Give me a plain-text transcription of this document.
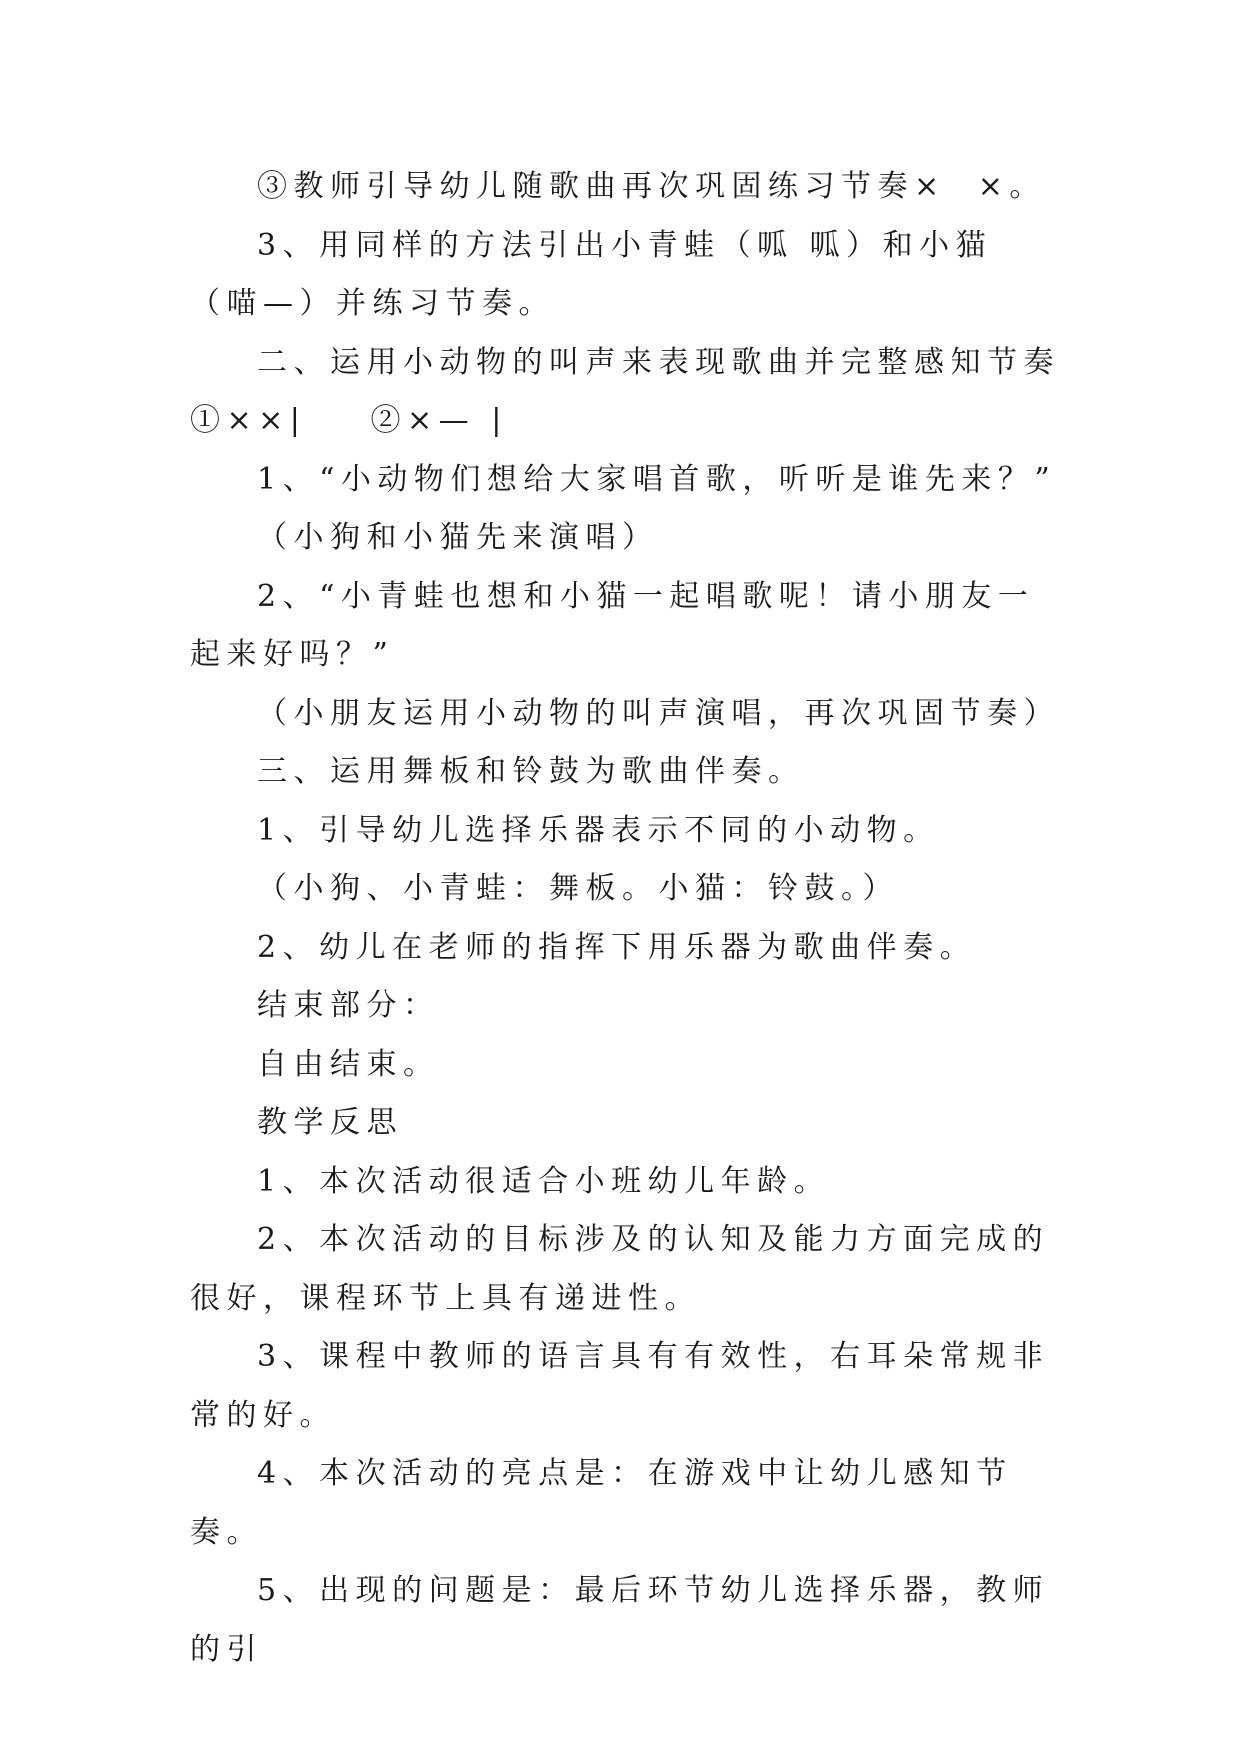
③教师引导幼儿随歌曲再次巩固练习节奏×  ×。

3、用同样的方法引出小青蛙（呱 呱）和小猫（喵—）并练习节奏。

二、运用小动物的叫声来表现歌曲并完整感知节奏①××|    ②×— |

1、“小动物们想给大家唱首歌，听听是谁先来？”

（小狗和小猫先来演唱）

2、“小青蛙也想和小猫一起唱歌呢！请小朋友一起来好吗？”

（小朋友运用小动物的叫声演唱，再次巩固节奏）

三、运用舞板和铃鼓为歌曲伴奏。

1、引导幼儿选择乐器表示不同的小动物。

（小狗、小青蛙：舞板。小猫：铃鼓。）

2、幼儿在老师的指挥下用乐器为歌曲伴奏。

结束部分：

自由结束。

教学反思

1、本次活动很适合小班幼儿年龄。

2、本次活动的目标涉及的认知及能力方面完成的很好，课程环节上具有递进性。

3、课程中教师的语言具有有效性，右耳朵常规非常的好。

4、本次活动的亮点是：在游戏中让幼儿感知节奏。

5、出现的问题是：最后环节幼儿选择乐器，教师的引
